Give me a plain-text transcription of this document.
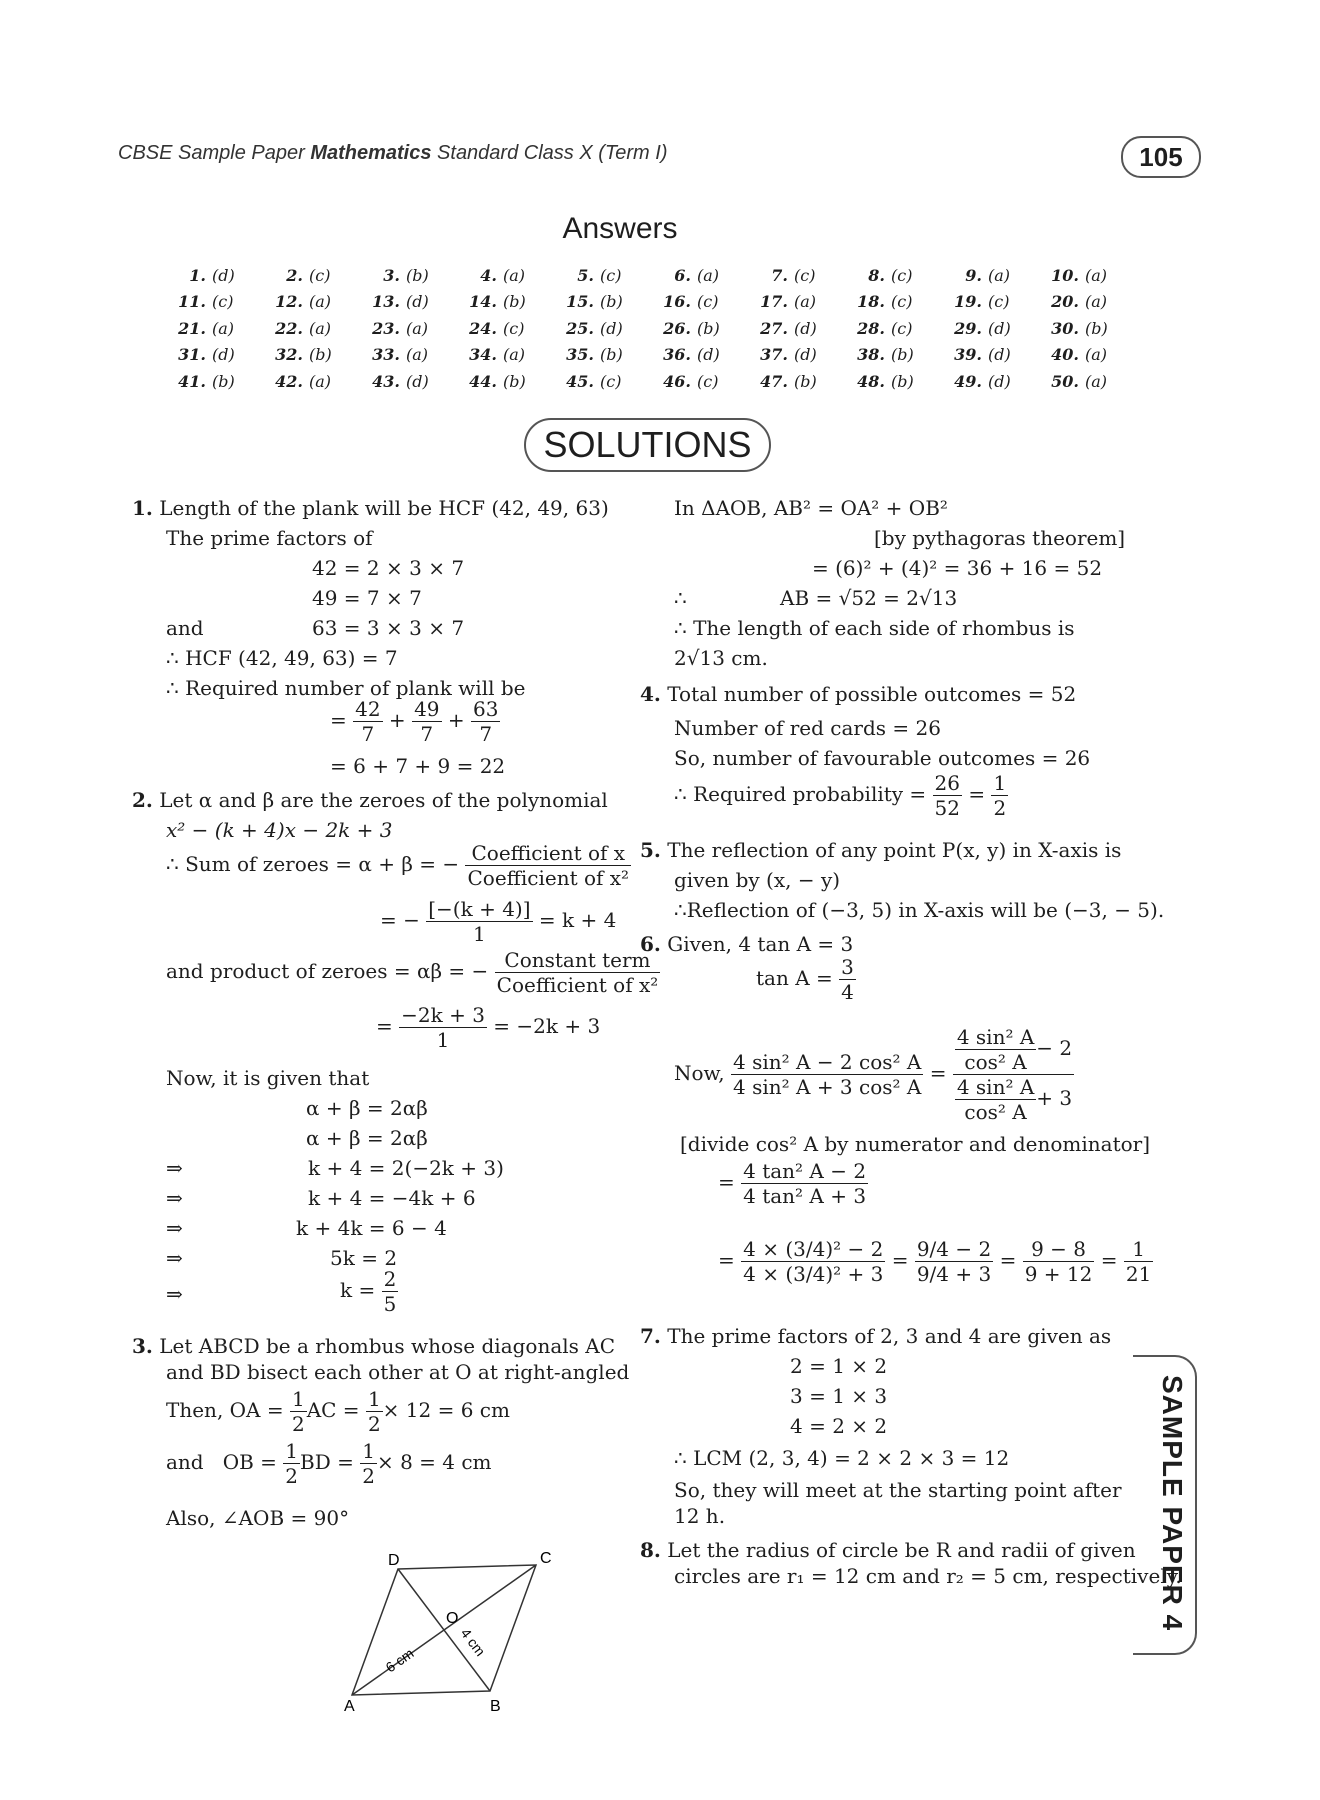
CBSE Sample Paper Mathematics Standard Class X (Term I)	105
Answers
1. (d)	2. (c)	3. (b)	4. (a)	5. (c)	6. (a)	7. (c)	8. (c)	9. (a)	10. (a)
11. (c)	12. (a)	13. (d)	14. (b)	15. (b)	16. (c)	17. (a)	18. (c)	19. (c)	20. (a)
21. (a)	22. (a)	23. (a)	24. (c)	25. (d)	26. (b)	27. (d)	28. (c)	29. (d)	30. (b)
31. (d)	32. (b)	33. (a)	34. (a)	35. (b)	36. (d)	37. (d)	38. (b)	39. (d)	40. (a)
41. (b)	42. (a)	43. (d)	44. (b)	45. (c)	46. (c)	47. (b)	48. (b)	49. (d)	50. (a)
SOLUTIONS
1. Length of the plank will be HCF (42, 49, 63)
The prime factors of
42 = 2 × 3 × 7
49 = 7 × 7
and	63 = 3 × 3 × 7
∴ HCF (42, 49, 63) = 7
∴ Required number of plank will be
= $\frac{42}{7} + \frac{49}{7} + \frac{63}{7}$
= 6 + 7 + 9 = 22
2. Let α and β are the zeroes of the polynomial
x² − (k + 4)x − 2k + 3
∴ Sum of zeroes = α + β = − $\frac{\text{Coefficient of x}}{\text{Coefficient of x²}}$
= − $\frac{[-(k + 4)]}{1} = k + 4$
and product of zeroes = αβ = − $\frac{\text{Constant term}}{\text{Coefficient of x²}}$
= $\frac{-2k + 3}{1} = -2k + 3$
Now, it is given that
α + β = 2αβ
α + β = 2αβ
⇒	k + 4 = 2(−2k + 3)
⇒	k + 4 = −4k + 6
⇒	k + 4k = 6 − 4
⇒	5k = 2
⇒	$k = \frac{2}{5}$
3. Let ABCD be a rhombus whose diagonals AC
and BD bisect each other at O at right-angled
Then, OA = $\frac{1}{2}$ AC = $\frac{1}{2} \times 12 = 6$ cm
and OB = $\frac{1}{2}$ BD = $\frac{1}{2} \times 8 = 4$ cm
Also, ∠AOB = 90°
A	B
C
D
O
6 cm
4 cm
In ΔAOB, AB² = OA² + OB²
[by pythagoras theorem]
= (6)² + (4)² = 36 + 16 = 52
∴	AB = √52 = 2√13
∴ The length of each side of rhombus is
2√13 cm.
4. Total number of possible outcomes = 52
Number of red cards = 26
So, number of favourable outcomes = 26
∴ Required probability = $\frac{26}{52} = \frac{1}{2}$
5. The reflection of any point P(x, y) in X-axis is
given by (x, − y)
∴Reflection of (−3, 5) in X-axis will be (−3, − 5).
6. Given, 4 tan A = 3
$\tan A = \frac{3}{4}$
Now, $\frac{\text{4 sin² A − 2 cos² A}}{\text{4 sin² A + 3 cos² A}} = \frac{\frac{\text{4 sin² A}}{\text{cos² A}} - 2}{\frac{\text{4 sin² A}}{\text{cos² A}} + 3}$
[divide cos² A by numerator and denominator]
= $\frac{\text{4 tan² A − 2}}{\text{4 tan² A + 3}}$
= $\frac{\text{4 × (3/4)² − 2}}{\text{4 × (3/4)² + 3}} = \frac{9/4 - 2}{9/4 + 3} = \frac{9 - 8}{9 + 12} = \frac{1}{21}$
7. The prime factors of 2, 3 and 4 are given as
2 = 1 × 2
3 = 1 × 3
4 = 2 × 2
∴ LCM (2, 3, 4) = 2 × 2 × 3 = 12
So, they will meet at the starting point after
12 h.
8. Let the radius of circle be R and radii of given
circles are r₁ = 12 cm and r₂ = 5 cm, respectively.
SAMPLE PAPER 4
